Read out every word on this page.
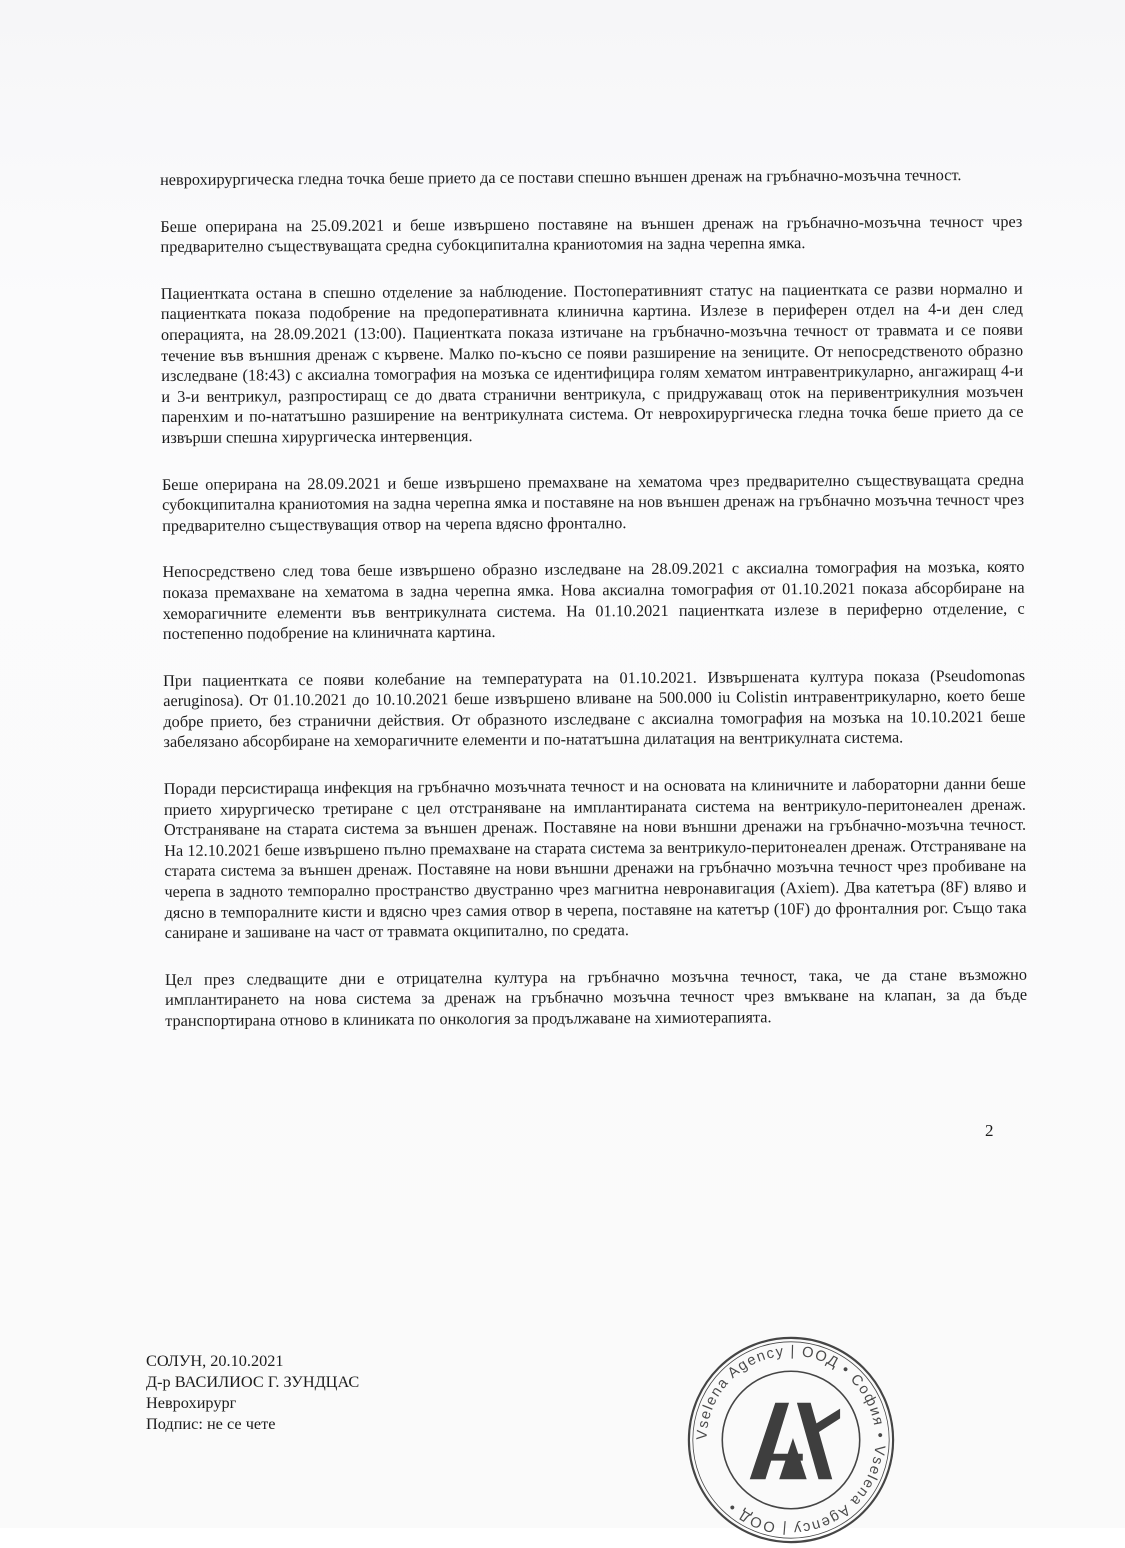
неврохирургическа гледна точка беше прието да се постави спешно външен дренаж на гръбначно-мозъчна течност.

Беше оперирана на 25.09.2021 и беше извършено поставяне на външен дренаж на гръбначно-мозъчна течност чрез предварително съществуващата средна субокципитална краниотомия на задна черепна ямка.

Пациентката остана в спешно отделение за наблюдение. Постоперативният статус на пациентката се разви нормално и пациентката показа подобрение на предоперативната клинична картина. Излезе в периферен отдел на 4-и ден след операцията, на 28.09.2021 (13:00). Пациентката показа изтичане на гръбначно-мозъчна течност от травмата и се появи течение във външния дренаж с кървене. Малко по-късно се появи разширение на зениците. От непосредственото образно изследване (18:43) с аксиална томография на мозъка се идентифицира голям хематом интравентрикуларно, ангажиращ 4-и и 3-и вентрикул, разпростиращ се до двата странични вентрикула, с придружаващ оток на перивентрикулния мозъчен паренхим и по-нататъшно разширение на вентрикулната система. От неврохирургическа гледна точка беше прието да се извърши спешна хирургическа интервенция.

Беше оперирана на 28.09.2021 и беше извършено премахване на хематома чрез предварително съществуващата средна субокципитална краниотомия на задна черепна ямка и поставяне на нов външен дренаж на гръбначно мозъчна течност чрез предварително съществуващия отвор на черепа вдясно фронтално.

Непосредствено след това беше извършено образно изследване на 28.09.2021 с аксиална томография на мозъка, която показа премахване на хематома в задна черепна ямка. Нова аксиална томография от 01.10.2021 показа абсорбиране на хеморагичните елементи във вентрикулната система. На 01.10.2021 пациентката излезе в периферно отделение, с постепенно подобрение на клиничната картина.

При пациентката се появи колебание на температурата на 01.10.2021. Извършената култура показа (Pseudomonas aeruginosa). От 01.10.2021 до 10.10.2021 беше извършено вливане на 500.000 iu Colistin интравентрикуларно, което беше добре прието, без странични действия. От образното изследване с аксиална томография на мозъка на 10.10.2021 беше забелязано абсорбиране на хеморагичните елементи и по-нататъшна дилатация на вентрикулната система.

Поради персистираща инфекция на гръбначно мозъчната течност и на основата на клиничните и лабораторни данни беше прието хирургическо третиране с цел отстраняване на имплантираната система на вентрикуло-перитонеален дренаж. Отстраняване на старата система за външен дренаж. Поставяне на нови външни дренажи на гръбначно-мозъчна течност. На 12.10.2021 беше извършено пълно премахване на старата система за вентрикуло-перитонеален дренаж. Отстраняване на старата система за външен дренаж. Поставяне на нови външни дренажи на гръбначно мозъчна течност чрез пробиване на черепа в задното темпорално пространство двустранно чрез магнитна невронавигация (Axiem). Два катетъра (8F) вляво и дясно в темпоралните кисти и вдясно чрез самия отвор в черепа, поставяне на катетър (10F) до фронталния рог. Също така саниране и зашиване на част от травмата окципитално, по средата.

Цел през следващите дни е отрицателна култура на гръбначно мозъчна течност, така, че да стане възможно имплантирането на нова система за дренаж на гръбначно мозъчна течност чрез вмъкване на клапан, за да бъде транспортирана отново в клиниката по онкология за продължаване на химиотерапията.

СОЛУН, 20.10.2021
Д-р ВАСИЛИОС Г. ЗУНДЦАС
Неврохирург
Подпис: не се чете
2
Vselena Agency | ООД • София • Vselena Agency | ООД •
